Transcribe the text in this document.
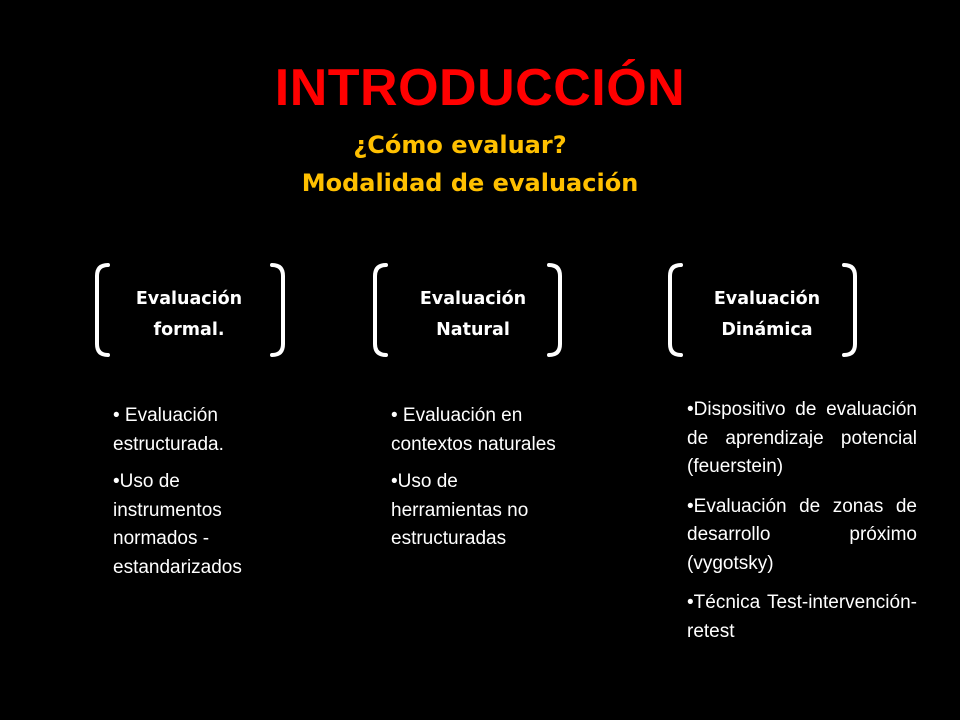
INTRODUCCIÓN
¿Cómo evaluar?
Modalidad de evaluación
Evaluación
formal.
Evaluación
Natural
Evaluación
Dinámica

• Evaluación estructurada.

•Uso de instrumentos normados - estandarizados

• Evaluación en contextos naturales

•Uso de herramientas no estructuradas

•Dispositivo de evaluación de aprendizaje potencial (feuerstein)

•Evaluación de zonas de desarrollo próximo (vygotsky)

•Técnica Test-intervención-retest
